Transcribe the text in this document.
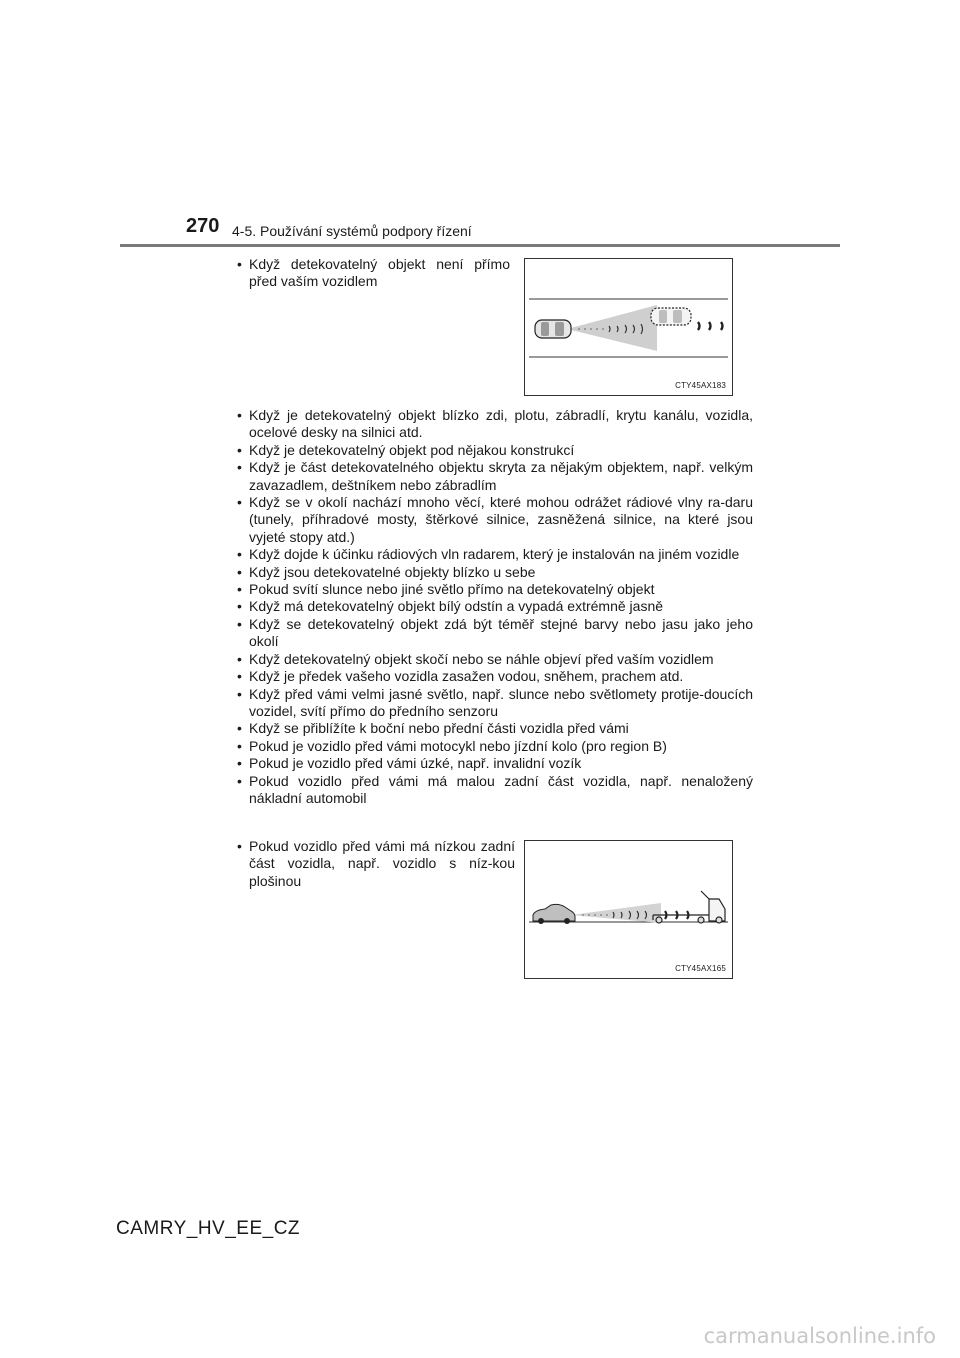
270 4-5. Používání systémů podpory řízení
• Když detekovatelný objekt není přímo před vaším vozidlem
CTY45AX183
• Když je detekovatelný objekt blízko zdi, plotu, zábradlí, krytu kanálu, vozidla, ocelové desky na silnici atd.
• Když je detekovatelný objekt pod nějakou konstrukcí
• Když je část detekovatelného objektu skryta za nějakým objektem, např. velkým zavazadlem, deštníkem nebo zábradlím
• Když se v okolí nachází mnoho věcí, které mohou odrážet rádiové vlny ra-daru (tunely, příhradové mosty, štěrkové silnice, zasněžená silnice, na které jsou vyjeté stopy atd.)
• Když dojde k účinku rádiových vln radarem, který je instalován na jiném vozidle
• Když jsou detekovatelné objekty blízko u sebe
• Pokud svítí slunce nebo jiné světlo přímo na detekovatelný objekt
• Když má detekovatelný objekt bílý odstín a vypadá extrémně jasně
• Když se detekovatelný objekt zdá být téměř stejné barvy nebo jasu jako jeho okolí
• Když detekovatelný objekt skočí nebo se náhle objeví před vaším vozidlem
• Když je předek vašeho vozidla zasažen vodou, sněhem, prachem atd.
• Když před vámi velmi jasné světlo, např. slunce nebo světlomety protije-doucích vozidel, svítí přímo do předního senzoru
• Když se přiblížíte k boční nebo přední části vozidla před vámi
• Pokud je vozidlo před vámi motocykl nebo jízdní kolo (pro region B)
• Pokud je vozidlo před vámi úzké, např. invalidní vozík
• Pokud vozidlo před vámi má malou zadní část vozidla, např. nenaložený nákladní automobil
• Pokud vozidlo před vámi má nízkou zadní část vozidla, např. vozidlo s níz-kou plošinou
CTY45AX165
CAMRY_HV_EE_CZ
carmanualsonline.info
